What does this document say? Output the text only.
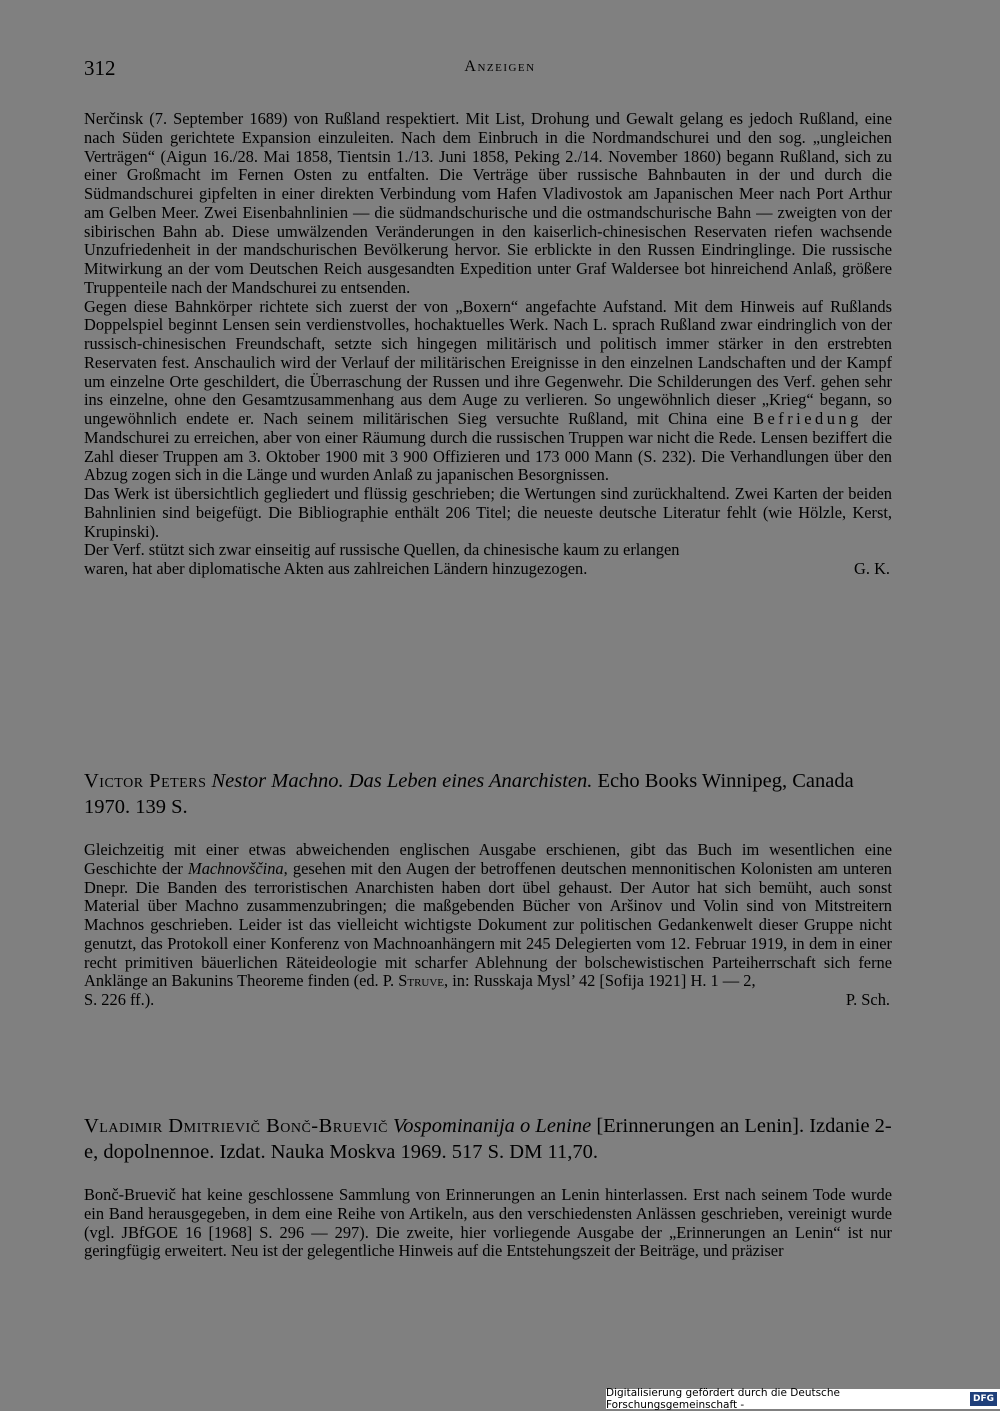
312	Anzeigen
Nerčinsk (7. September 1689) von Rußland respektiert. Mit List, Drohung und Gewalt gelang es jedoch Rußland, eine nach Süden gerichtete Expansion einzuleiten. Nach dem Einbruch in die Nordmandschurei und den sog. „ungleichen Verträgen“ (Aigun 16./28. Mai 1858, Tientsin 1./13. Juni 1858, Peking 2./14. November 1860) begann Rußland, sich zu einer Großmacht im Fernen Osten zu entfalten. Die Verträge über russische Bahnbauten in der und durch die Südmandschurei gipfelten in einer direkten Verbindung vom Hafen Vladivostok am Japanischen Meer nach Port Arthur am Gelben Meer. Zwei Eisenbahnlinien — die südmandschurische und die ostmandschurische Bahn — zweigten von der sibirischen Bahn ab. Diese umwälzenden Veränderungen in den kaiserlich-chinesischen Reservaten riefen wachsende Unzufriedenheit in der mandschurischen Bevölkerung hervor. Sie erblickte in den Russen Eindringlinge. Die russische Mitwirkung an der vom Deutschen Reich ausgesandten Expedition unter Graf Waldersee bot hinreichend Anlaß, größere Truppenteile nach der Mandschurei zu entsenden.
Gegen diese Bahnkörper richtete sich zuerst der von „Boxern“ angefachte Aufstand. Mit dem Hinweis auf Rußlands Doppelspiel beginnt Lensen sein verdienstvolles, hochaktuelles Werk. Nach L. sprach Rußland zwar eindringlich von der russisch-chinesischen Freundschaft, setzte sich hingegen militärisch und politisch immer stärker in den erstrebten Reservaten fest. Anschaulich wird der Verlauf der militärischen Ereignisse in den einzelnen Landschaften und der Kampf um einzelne Orte geschildert, die Überraschung der Russen und ihre Gegenwehr. Die Schilderungen des Verf. gehen sehr ins einzelne, ohne den Gesamtzusammenhang aus dem Auge zu verlieren. So ungewöhnlich dieser „Krieg“ begann, so ungewöhnlich endete er. Nach seinem militärischen Sieg versuchte Rußland, mit China eine Befriedung der Mandschurei zu erreichen, aber von einer Räumung durch die russischen Truppen war nicht die Rede. Lensen beziffert die Zahl dieser Truppen am 3. Oktober 1900 mit 3 900 Offizieren und 173 000 Mann (S. 232). Die Verhandlungen über den Abzug zogen sich in die Länge und wurden Anlaß zu japanischen Besorgnissen.
Das Werk ist übersichtlich gegliedert und flüssig geschrieben; die Wertungen sind zurückhaltend. Zwei Karten der beiden Bahnlinien sind beigefügt. Die Bibliographie enthält 206 Titel; die neueste deutsche Literatur fehlt (wie Hölzle, Kerst, Krupinski).
Der Verf. stützt sich zwar einseitig auf russische Quellen, da chinesische kaum zu erlangen
waren, hat aber diplomatische Akten aus zahlreichen Ländern hinzugezogen.	G. K.
Victor Peters Nestor Machno. Das Leben eines Anarchisten. Echo Books Winnipeg, Canada 1970. 139 S.
Gleichzeitig mit einer etwas abweichenden englischen Ausgabe erschienen, gibt das Buch im wesentlichen eine Geschichte der Machnovščina, gesehen mit den Augen der betroffenen deutschen mennonitischen Kolonisten am unteren Dnepr. Die Banden des terroristischen Anarchisten haben dort übel gehaust. Der Autor hat sich bemüht, auch sonst Material über Machno zusammenzubringen; die maßgebenden Bücher von Aršinov und Volin sind von Mitstreitern Machnos geschrieben. Leider ist das vielleicht wichtigste Dokument zur politischen Gedankenwelt dieser Gruppe nicht genutzt, das Protokoll einer Konferenz von Machnoanhängern mit 245 Delegierten vom 12. Februar 1919, in dem in einer recht primitiven bäuerlichen Räteideologie mit scharfer Ablehnung der bolschewistischen Parteiherrschaft sich ferne Anklänge an Bakunins Theoreme finden (ed. P. Struve, in: Russkaja Mysl’ 42 [Sofija 1921] H. 1 — 2,
S. 226 ff.).	P. Sch.
Vladimir Dmitrievič Bonč-Bruevič Vospominanija o Lenine [Erinnerungen an Lenin]. Izdanie 2-e, dopolnennoe. Izdat. Nauka Moskva 1969. 517 S. DM 11,70.
Bonč-Bruevič hat keine geschlossene Sammlung von Erinnerungen an Lenin hinterlassen. Erst nach seinem Tode wurde ein Band herausgegeben, in dem eine Reihe von Artikeln, aus den verschiedensten Anlässen geschrieben, vereinigt wurde (vgl. JBfGOE 16 [1968] S. 296 — 297). Die zweite, hier vorliegende Ausgabe der „Erinnerungen an Lenin“ ist nur geringfügig erweitert. Neu ist der gelegentliche Hinweis auf die Entstehungszeit der Beiträge, und präziser
Digitalisierung gefördert durch die Deutsche Forschungsgemeinschaft -	DFG
